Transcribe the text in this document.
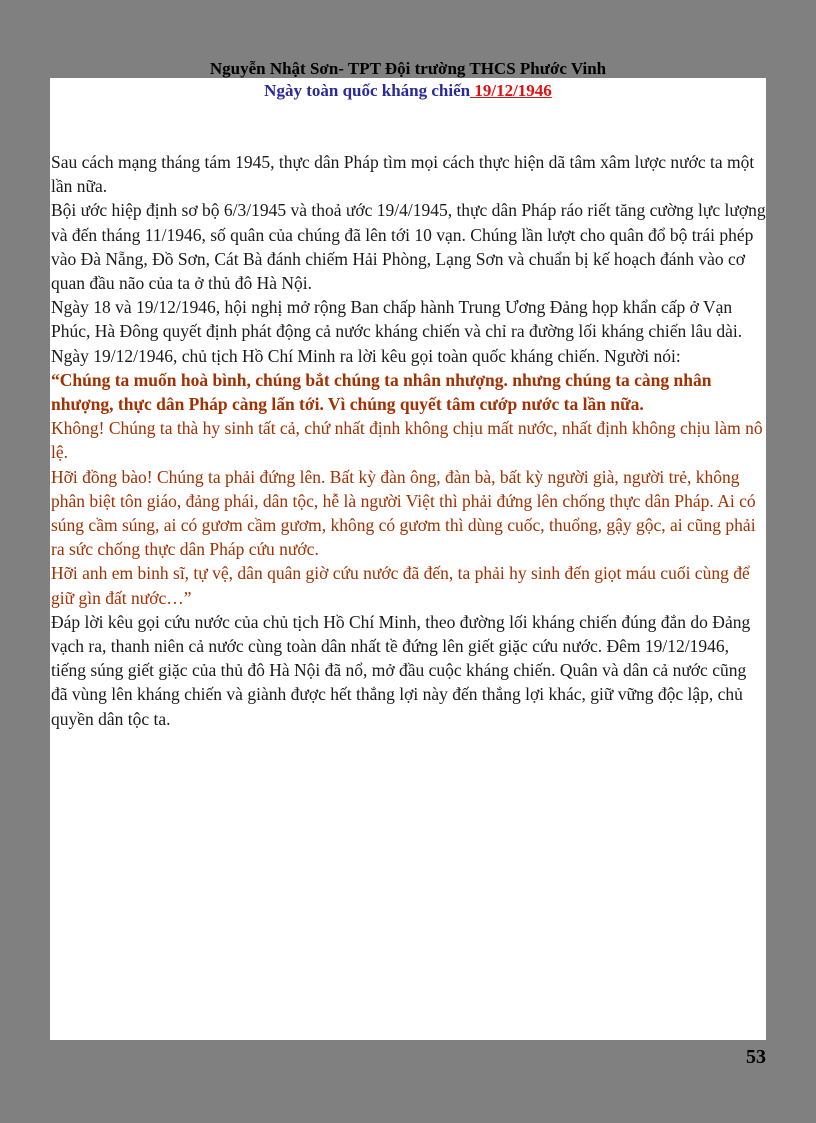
Nguyễn Nhật Sơn- TPT Đội trường THCS Phước Vinh
Ngày toàn quốc kháng chiến 19/12/1946

Sau cách mạng tháng tám 1945, thực dân Pháp tìm mọi cách thực hiện dã tâm xâm lược nước ta một lần nữa.

Bội ước hiệp định sơ bộ 6/3/1945 và thoả ước 19/4/1945, thực dân Pháp ráo riết tăng cường lực lượng và đến tháng 11/1946, số quân của chúng đã lên tới 10 vạn. Chúng lần lượt cho quân đổ bộ trái phép vào Đà Nẵng, Đồ Sơn, Cát Bà đánh chiếm Hải Phòng, Lạng Sơn và chuẩn bị kế hoạch đánh vào cơ quan đầu não của ta ở thủ đô Hà Nội.

Ngày 18 và 19/12/1946, hội nghị mở rộng Ban chấp hành Trung Ương Đảng họp khẩn cấp ở Vạn Phúc, Hà Đông quyết định phát động cả nước kháng chiến và chỉ ra đường lối kháng chiến lâu dài.

Ngày 19/12/1946, chủ tịch Hồ Chí Minh ra lời kêu gọi toàn quốc kháng chiến. Người nói:

“Chúng ta muốn hoà bình, chúng bắt chúng ta nhân nhượng. nhưng chúng ta càng nhân nhượng, thực dân Pháp càng lấn tới. Vì chúng quyết tâm cướp nước ta lần nữa.

Không! Chúng ta thà hy sinh tất cả, chứ nhất định không chịu mất nước, nhất định không chịu làm nô lệ.

Hỡi đồng bào! Chúng ta phải đứng lên. Bất kỳ đàn ông, đàn bà, bất kỳ người già, người trẻ, không phân biệt tôn giáo, đảng phái, dân tộc, hễ là người Việt thì phải đứng lên chống thực dân Pháp. Ai có súng cầm súng, ai có gươm cầm gươm, không có gươm thì dùng cuốc, thuổng, gậy gộc, ai cũng phải ra sức chống thực dân Pháp cứu nước.

Hỡi anh em binh sĩ, tự vệ, dân quân giờ cứu nước đã đến, ta phải hy sinh đến giọt máu cuối cùng để giữ gìn đất nước…”

Đáp lời kêu gọi cứu nước của chủ tịch Hồ Chí Minh, theo đường lối kháng chiến đúng đắn do Đảng vạch ra, thanh niên cả nước cùng toàn dân nhất tề đứng lên giết giặc cứu nước. Đêm 19/12/1946, tiếng súng giết giặc của thủ đô Hà Nội đã nổ, mở đầu cuộc kháng chiến. Quân và dân cả nước cũng đã vùng lên kháng chiến và giành được hết thắng lợi này đến thắng lợi khác, giữ vững độc lập, chủ quyền dân tộc ta.

53
